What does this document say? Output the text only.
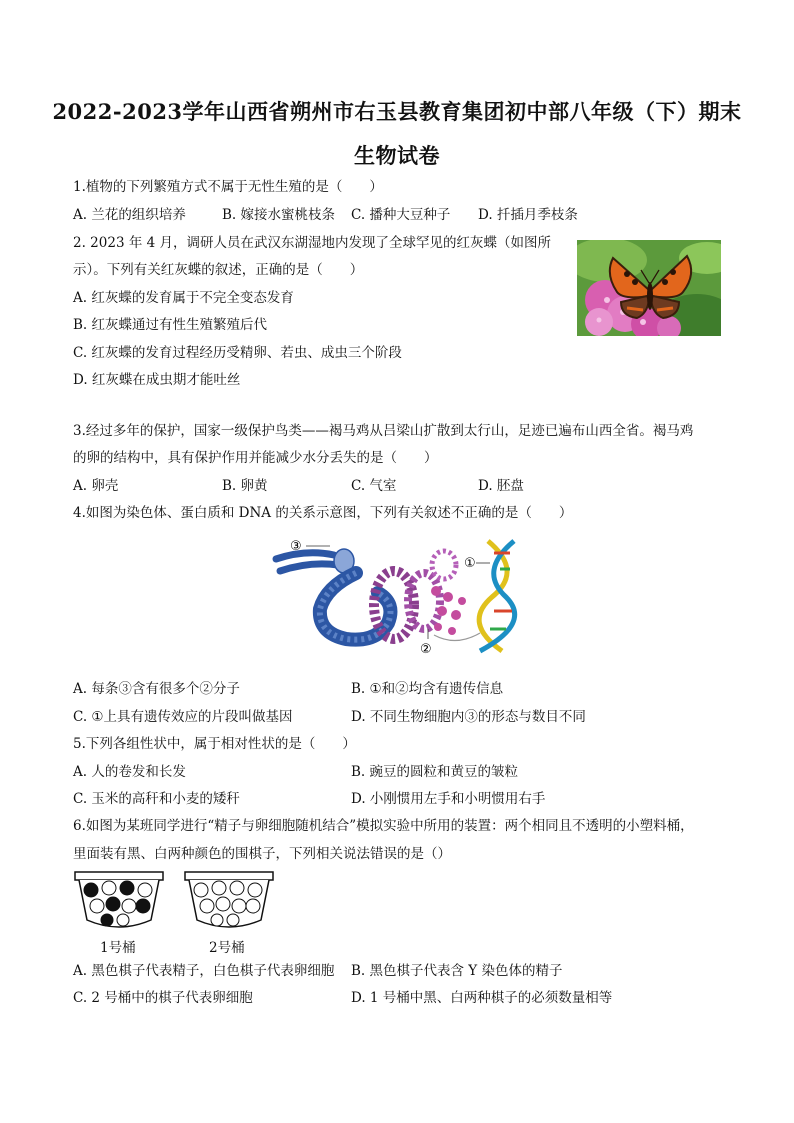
2022-2023学年山西省朔州市右玉县教育集团初中部八年级（下）期末
生物试卷
1.植物的下列繁殖方式不属于无性生殖的是（　　）
A. 兰花的组织培养	B. 嫁接水蜜桃枝条 C. 播种大豆种子 D. 扦插月季枝条
2. 2023 年 4 月，调研人员在武汉东湖湿地内发现了全球罕见的红灰蝶（如图所
示）。下列有关红灰蝶的叙述，正确的是（　　）
A. 红灰蝶的发育属于不完全变态发育
B. 红灰蝶通过有性生殖繁殖后代
C. 红灰蝶的发育过程经历受精卵、若虫、成虫三个阶段
D. 红灰蝶在成虫期才能吐丝
3.经过多年的保护，国家一级保护鸟类——褐马鸡从吕梁山扩散到太行山，足迹已遍布山西全省。褐马鸡
的卵的结构中，具有保护作用并能减少水分丢失的是（　　）
A. 卵壳	B. 卵黄	C. 气室	D. 胚盘
4.如图为染色体、蛋白质和 DNA 的关系示意图，下列有关叙述不正确的是（　　）
③
①
②
A. 每条③含有很多个②分子	B. ①和②均含有遗传信息
C. ①上具有遗传效应的片段叫做基因	D. 不同生物细胞内③的形态与数目不同
5.下列各组性状中，属于相对性状的是（　　）
A. 人的卷发和长发	B. 豌豆的圆粒和黄豆的皱粒
C. 玉米的高秆和小麦的矮秆	D. 小刚惯用左手和小明惯用右手
6.如图为某班同学进行“精子与卵细胞随机结合”模拟实验中所用的装置：两个相同且不透明的小塑料桶，
里面装有黑、白两种颜色的围棋子，下列相关说法错误的是（）
1号桶	2号桶
A. 黑色棋子代表精子，白色棋子代表卵细胞 B. 黑色棋子代表含 Y 染色体的精子
C. 2 号桶中的棋子代表卵细胞	D. 1 号桶中黑、白两种棋子的必须数量相等
